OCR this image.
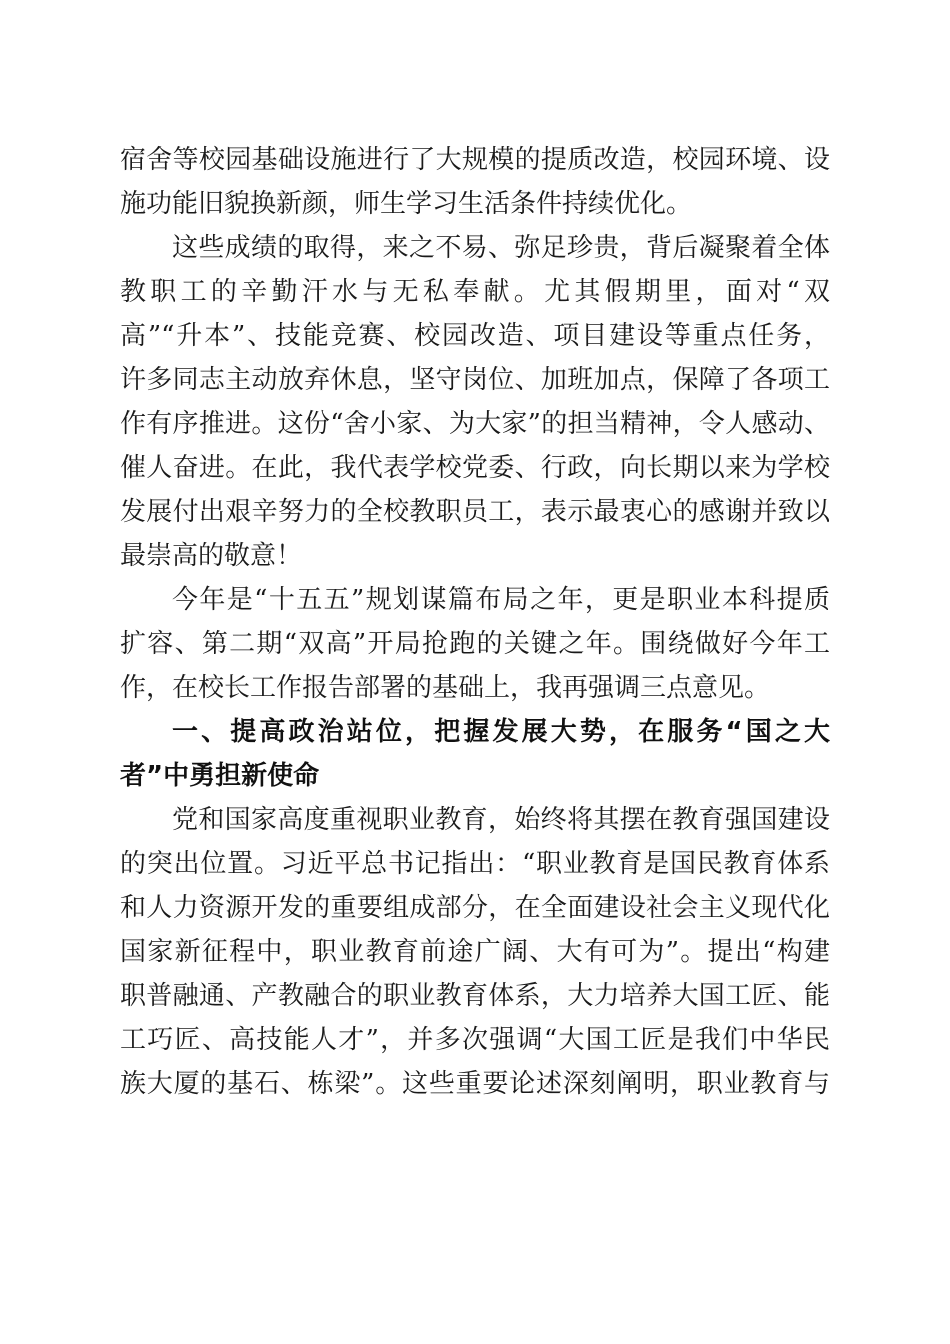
宿舍等校园基础设施进行了大规模的提质改造，校园环境、设
施功能旧貌换新颜，师生学习生活条件持续优化。
这些成绩的取得，来之不易、弥足珍贵，背后凝聚着全体
教职工的辛勤汗水与无私奉献。尤其假期里，面对“双
高”“升本”、技能竞赛、校园改造、项目建设等重点任务，
许多同志主动放弃休息，坚守岗位、加班加点，保障了各项工
作有序推进。这份“舍小家、为大家”的担当精神，令人感动、
催人奋进。在此，我代表学校党委、行政，向长期以来为学校
发展付出艰辛努力的全校教职员工，表示最衷心的感谢并致以
最崇高的敬意！
今年是“十五五”规划谋篇布局之年，更是职业本科提质
扩容、第二期“双高”开局抢跑的关键之年。围绕做好今年工
作，在校长工作报告部署的基础上，我再强调三点意见。
一、提高政治站位，把握发展大势，在服务“国之大
者”中勇担新使命
党和国家高度重视职业教育，始终将其摆在教育强国建设
的突出位置。习近平总书记指出：“职业教育是国民教育体系
和人力资源开发的重要组成部分，在全面建设社会主义现代化
国家新征程中，职业教育前途广阔、大有可为”。提出“构建
职普融通、产教融合的职业教育体系，大力培养大国工匠、能
工巧匠、高技能人才”，并多次强调“大国工匠是我们中华民
族大厦的基石、栋梁”。这些重要论述深刻阐明，职业教育与
